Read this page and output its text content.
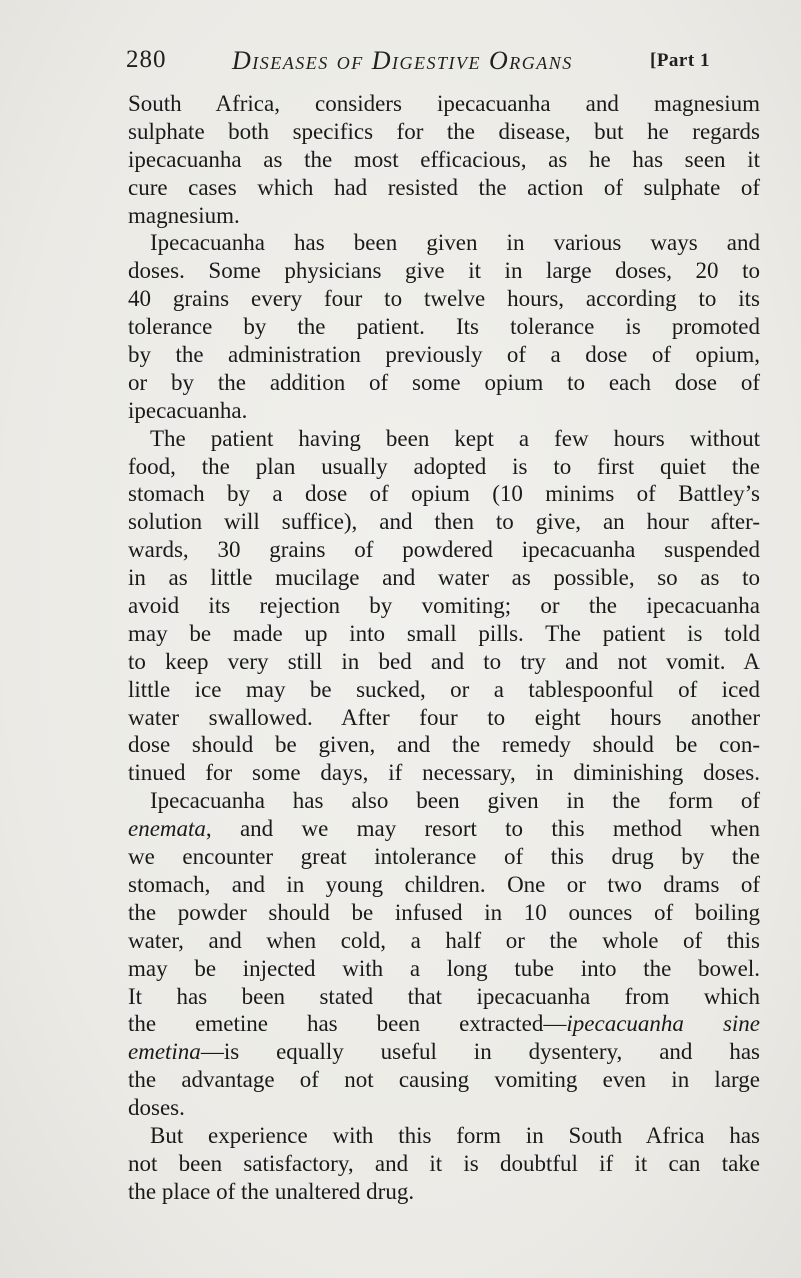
280	Diseases of Digestive Organs	[Part 1
South Africa, considers ipecacuanha and magnesium
sulphate both specifics for the disease, but he regards
ipecacuanha as the most efficacious, as he has seen it
cure cases which had resisted the action of sulphate of
magnesium.
Ipecacuanha has been given in various ways and
doses. Some physicians give it in large doses, 20 to
40 grains every four to twelve hours, according to its
tolerance by the patient. Its tolerance is promoted
by the administration previously of a dose of opium,
or by the addition of some opium to each dose of
ipecacuanha.
The patient having been kept a few hours without
food, the plan usually adopted is to first quiet the
stomach by a dose of opium (10 minims of Battley’s
solution will suffice), and then to give, an hour after-
wards, 30 grains of powdered ipecacuanha suspended
in as little mucilage and water as possible, so as to
avoid its rejection by vomiting; or the ipecacuanha
may be made up into small pills. The patient is told
to keep very still in bed and to try and not vomit. A
little ice may be sucked, or a tablespoonful of iced
water swallowed. After four to eight hours another
dose should be given, and the remedy should be con-
tinued for some days, if necessary, in diminishing doses.
Ipecacuanha has also been given in the form of
enemata, and we may resort to this method when
we encounter great intolerance of this drug by the
stomach, and in young children. One or two drams of
the powder should be infused in 10 ounces of boiling
water, and when cold, a half or the whole of this
may be injected with a long tube into the bowel.
It has been stated that ipecacuanha from which
the emetine has been extracted—ipecacuanha sine
emetina—is equally useful in dysentery, and has
the advantage of not causing vomiting even in large
doses.
But experience with this form in South Africa has
not been satisfactory, and it is doubtful if it can take
the place of the unaltered drug.
